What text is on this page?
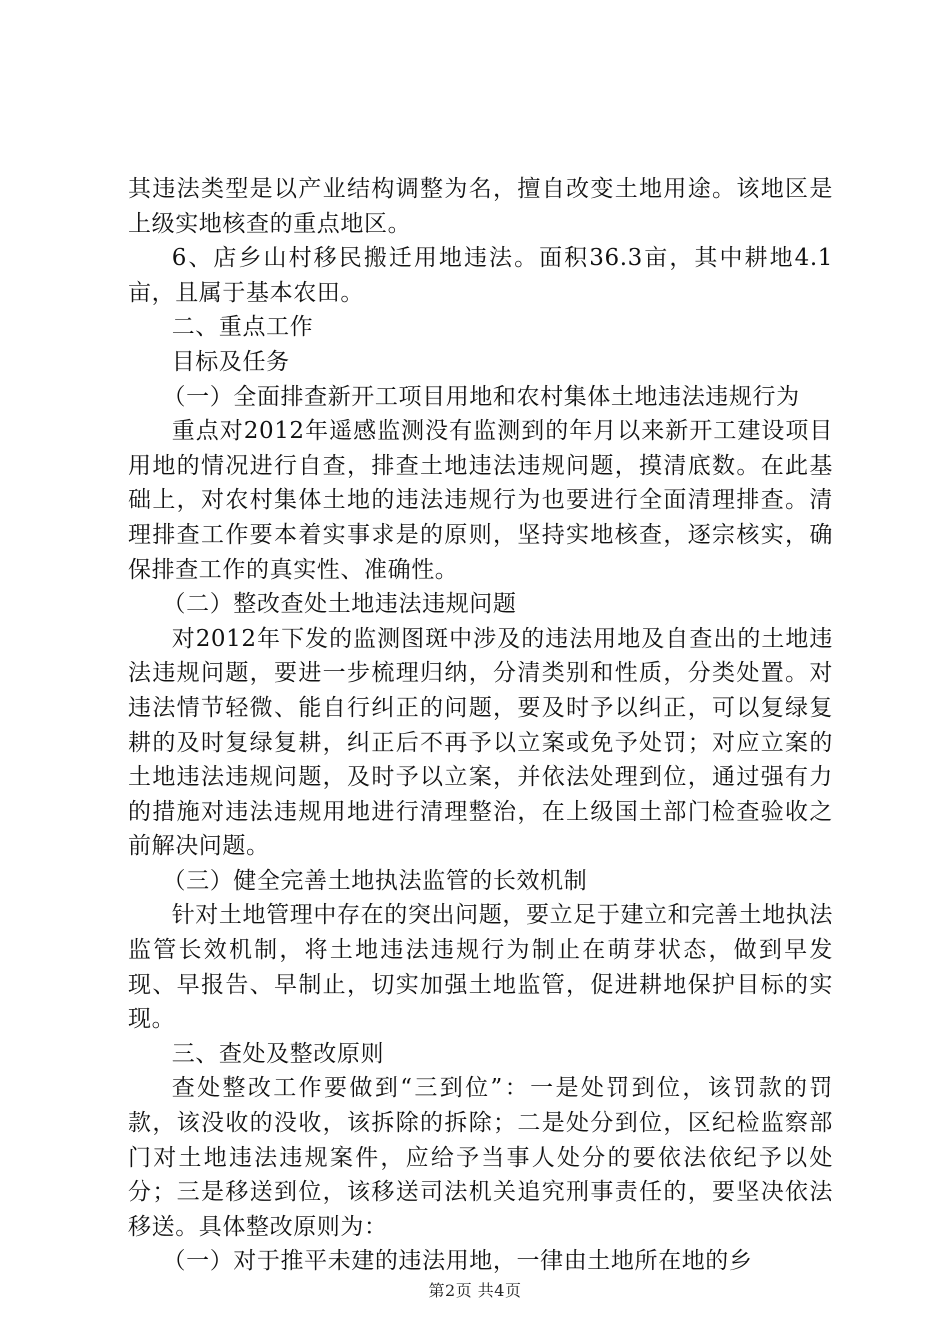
其违法类型是以产业结构调整为名，擅自改变土地用途。该地区是上级实地核查的重点地区。

6、店乡山村移民搬迁用地违法。面积36.3亩，其中耕地4.1亩，且属于基本农田。

二、重点工作

目标及任务

（一）全面排查新开工项目用地和农村集体土地违法违规行为

重点对2012年遥感监测没有监测到的年月以来新开工建设项目用地的情况进行自查，排查土地违法违规问题，摸清底数。在此基础上，对农村集体土地的违法违规行为也要进行全面清理排查。清理排查工作要本着实事求是的原则，坚持实地核查，逐宗核实，确保排查工作的真实性、准确性。

（二）整改查处土地违法违规问题

对2012年下发的监测图斑中涉及的违法用地及自查出的土地违法违规问题，要进一步梳理归纳，分清类别和性质，分类处置。对违法情节轻微、能自行纠正的问题，要及时予以纠正，可以复绿复耕的及时复绿复耕，纠正后不再予以立案或免予处罚；对应立案的土地违法违规问题，及时予以立案，并依法处理到位，通过强有力的措施对违法违规用地进行清理整治，在上级国土部门检查验收之前解决问题。

（三）健全完善土地执法监管的长效机制

针对土地管理中存在的突出问题，要立足于建立和完善土地执法监管长效机制，将土地违法违规行为制止在萌芽状态，做到早发现、早报告、早制止，切实加强土地监管，促进耕地保护目标的实现。

三、查处及整改原则

查处整改工作要做到“三到位”：一是处罚到位，该罚款的罚款，该没收的没收，该拆除的拆除；二是处分到位，区纪检监察部门对土地违法违规案件，应给予当事人处分的要依法依纪予以处分；三是移送到位，该移送司法机关追究刑事责任的，要坚决依法移送。具体整改原则为：

（一）对于推平未建的违法用地，一律由土地所在地的乡

第2页 共4页
